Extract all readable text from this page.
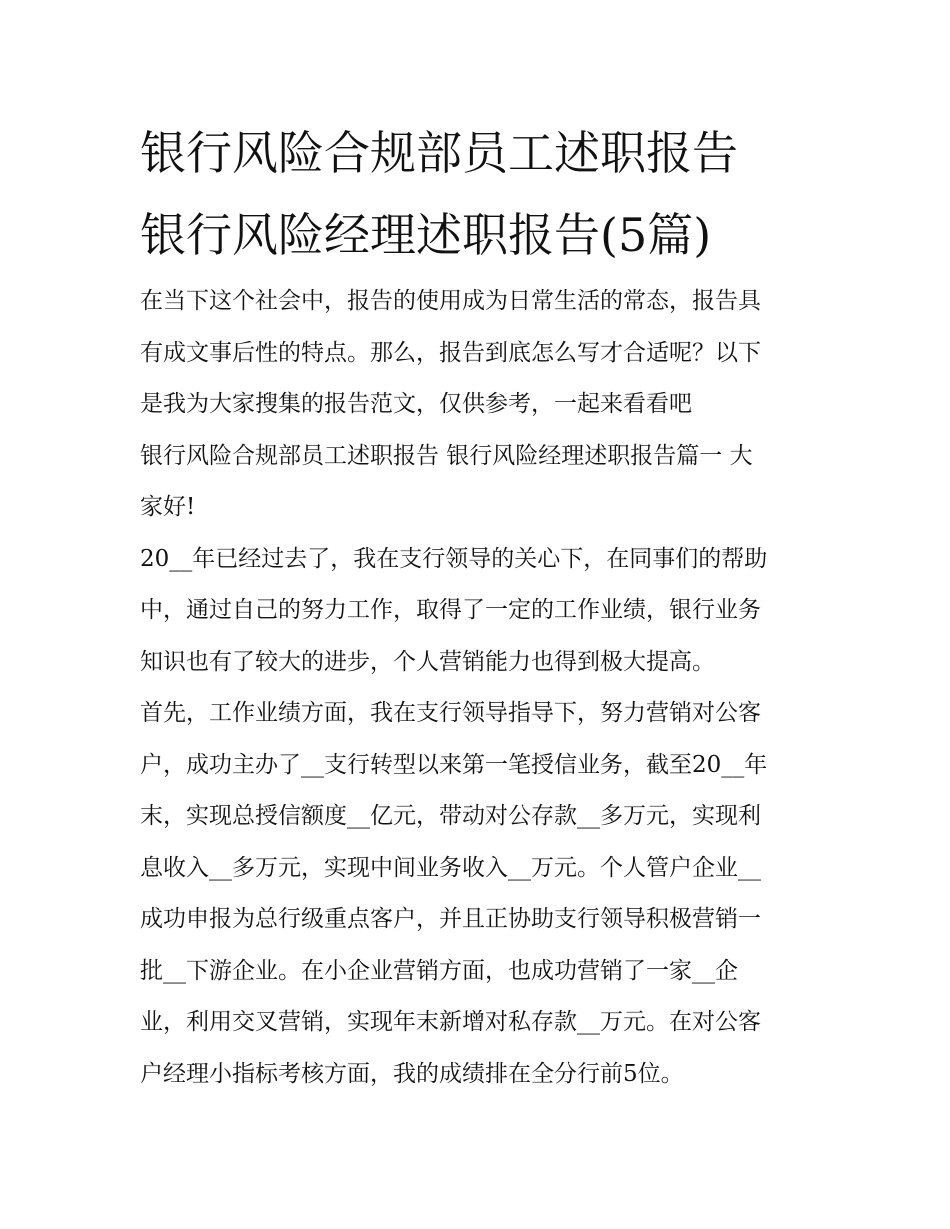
银行风险合规部员工述职报告
银行风险经理述职报告(5篇)

在当下这个社会中，报告的使用成为日常生活的常态，报告具
有成文事后性的特点。那么，报告到底怎么写才合适呢？以下
是我为大家搜集的报告范文，仅供参考，一起来看看吧

银行风险合规部员工述职报告 银行风险经理述职报告篇一 大
家好!

20__年已经过去了，我在支行领导的关心下，在同事们的帮助
中，通过自己的努力工作，取得了一定的工作业绩，银行业务
知识也有了较大的进步，个人营销能力也得到极大提高。

首先，工作业绩方面，我在支行领导指导下，努力营销对公客
户，成功主办了__支行转型以来第一笔授信业务，截至20__年
末，实现总授信额度__亿元，带动对公存款__多万元，实现利
息收入__多万元，实现中间业务收入__万元。个人管户企业__
成功申报为总行级重点客户，并且正协助支行领导积极营销一
批__下游企业。在小企业营销方面，也成功营销了一家__企
业，利用交叉营销，实现年末新增对私存款__万元。在对公客
户经理小指标考核方面，我的成绩排在全分行前5位。
